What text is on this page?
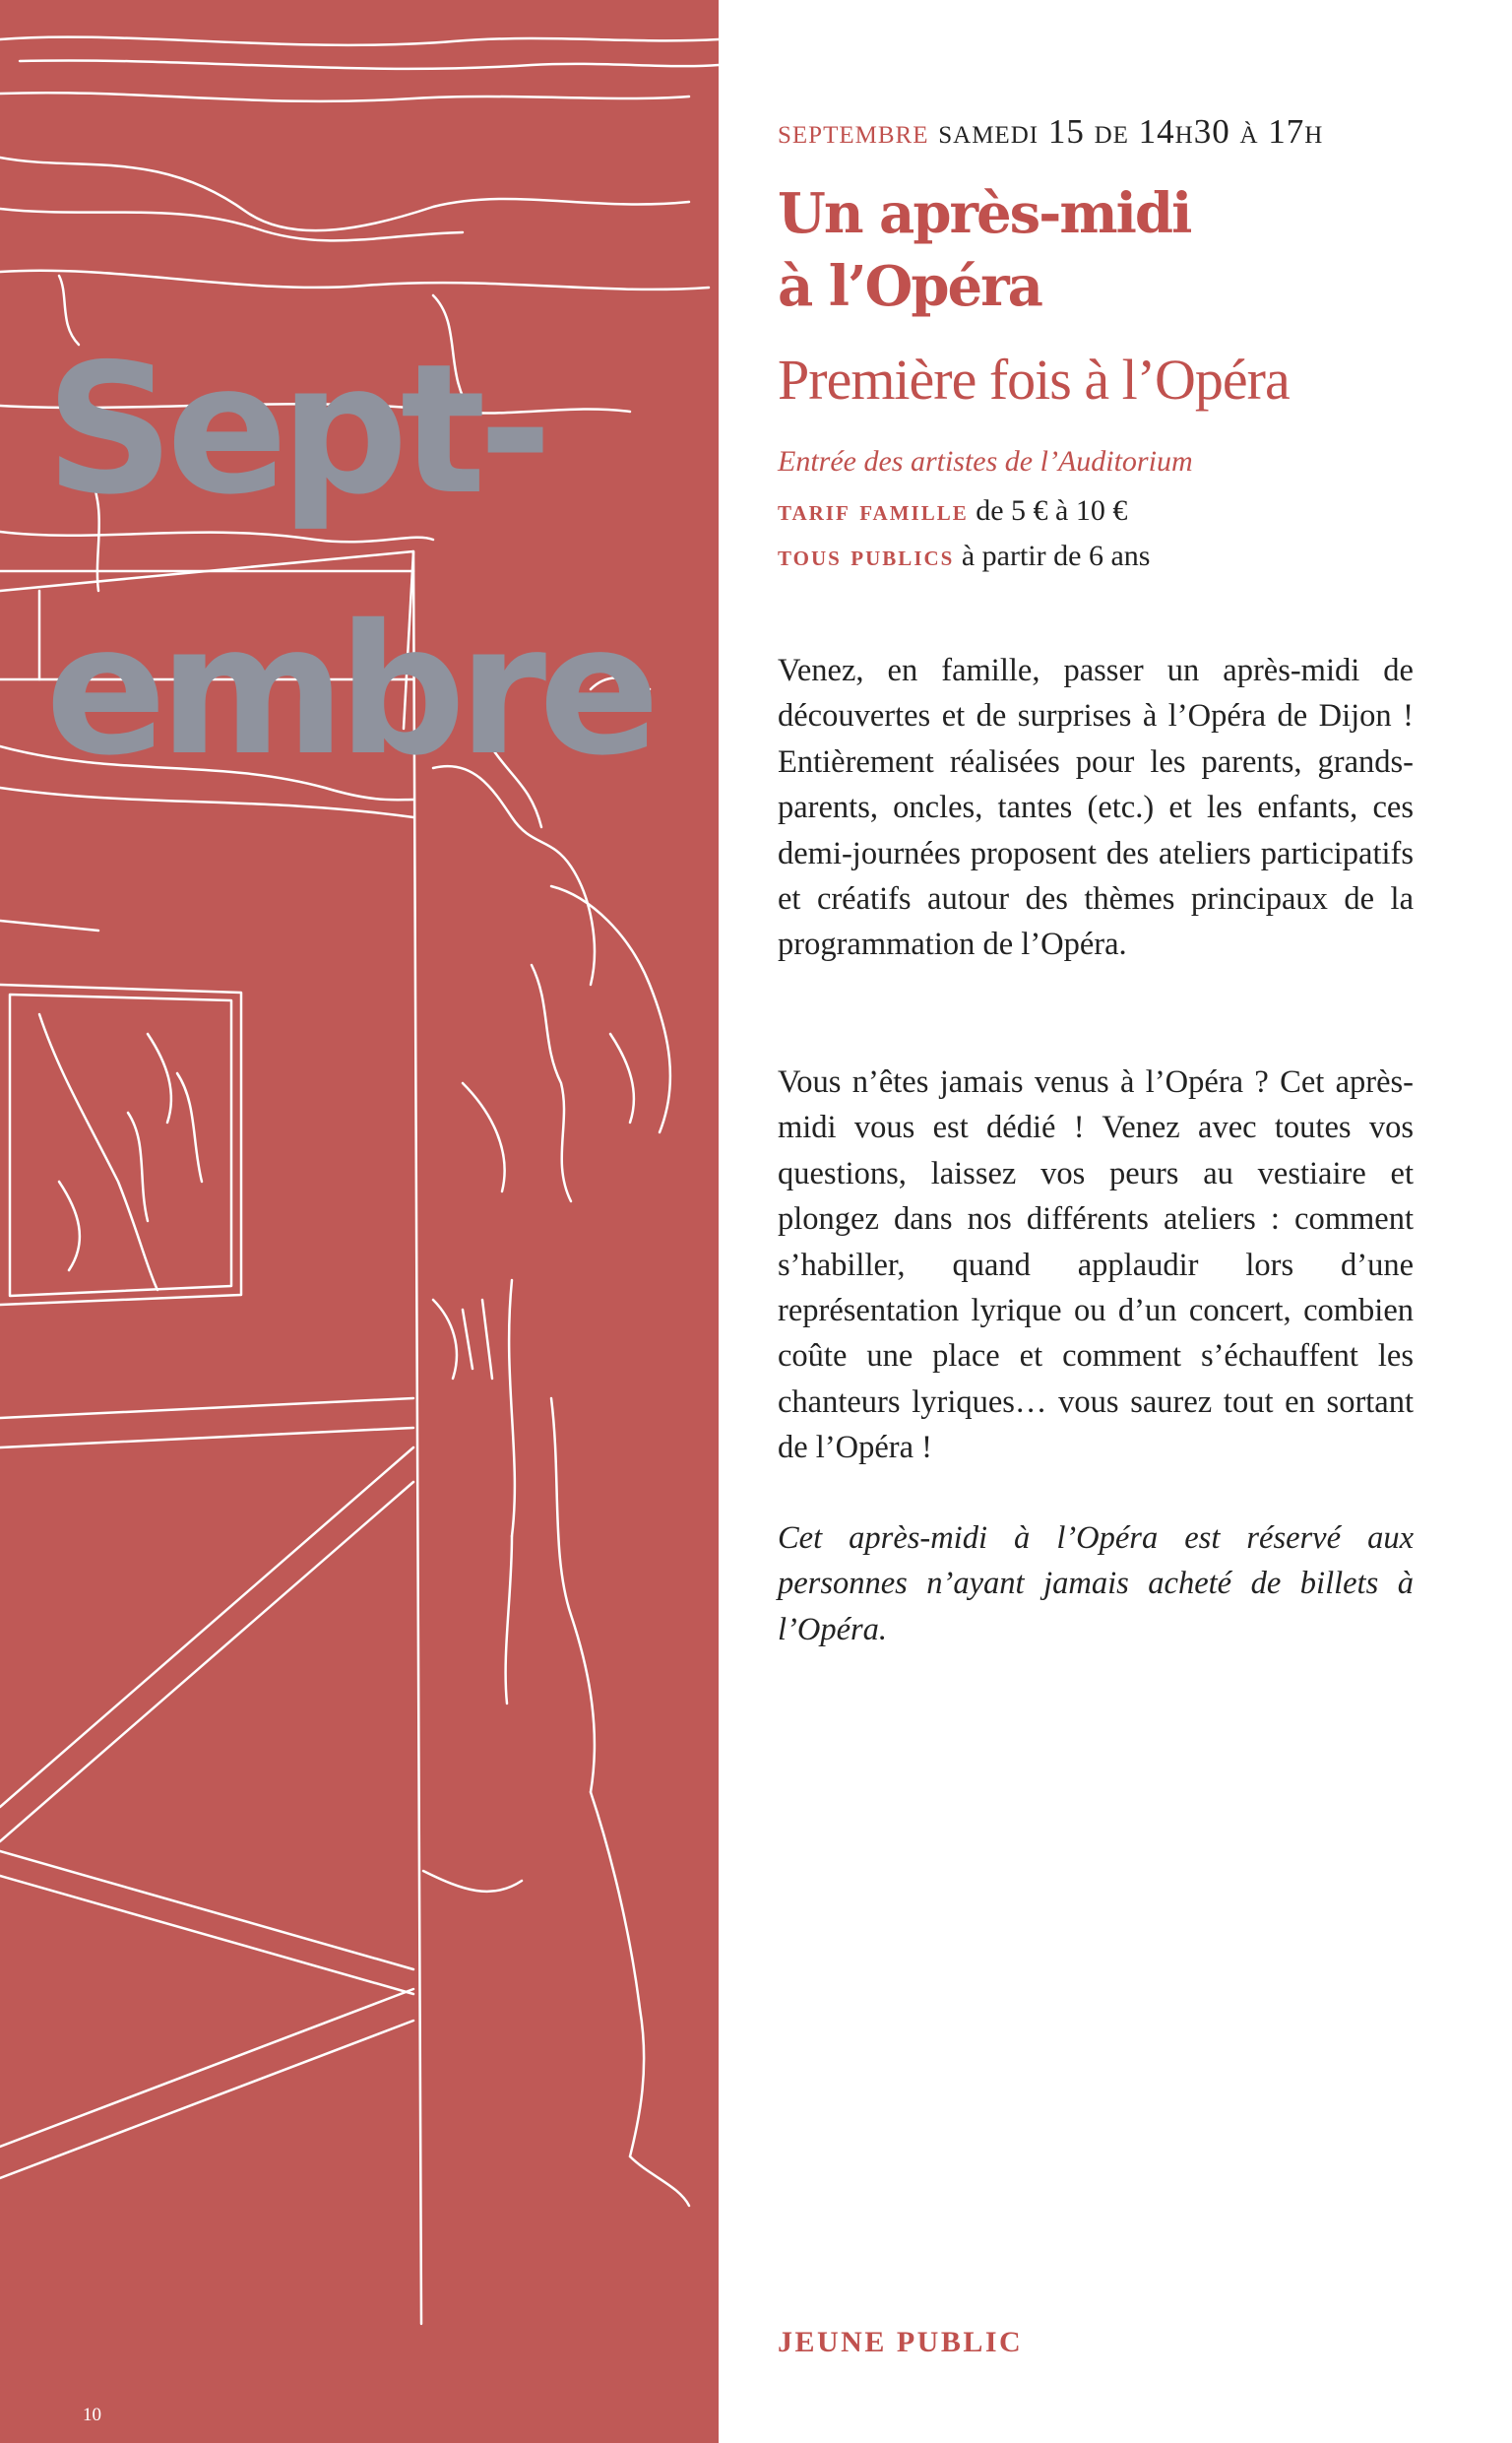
Sept-
embre
10
septembre samedi 15 de 14h30 à 17h
Un après-midi
à l’Opéra
Première fois à l’Opéra
Entrée des artistes de l’Auditorium
tarif famille de 5 € à 10 €
tous publics à partir de 6 ans

Venez, en famille, passer un après-midi de découvertes et de surprises à l’Opéra de Dijon ! Entièrement réalisées pour les parents, grands-parents, oncles, tantes (etc.) et les enfants, ces demi-journées proposent des ateliers participatifs et créatifs autour des thèmes principaux de la programmation de l’Opéra.

Vous n’êtes jamais venus à l’Opéra ? Cet après-midi vous est dédié ! Venez avec toutes vos questions, laissez vos peurs au vestiaire et plongez dans nos différents ateliers : comment s’habiller, quand applaudir lors d’une représentation lyrique ou d’un concert, combien coûte une place et comment s’échauffent les chanteurs lyriques… vous saurez tout en sortant de l’Opéra !

Cet après-midi à l’Opéra est réservé aux personnes n’ayant jamais acheté de billets à l’Opéra.

JEUNE PUBLIC
